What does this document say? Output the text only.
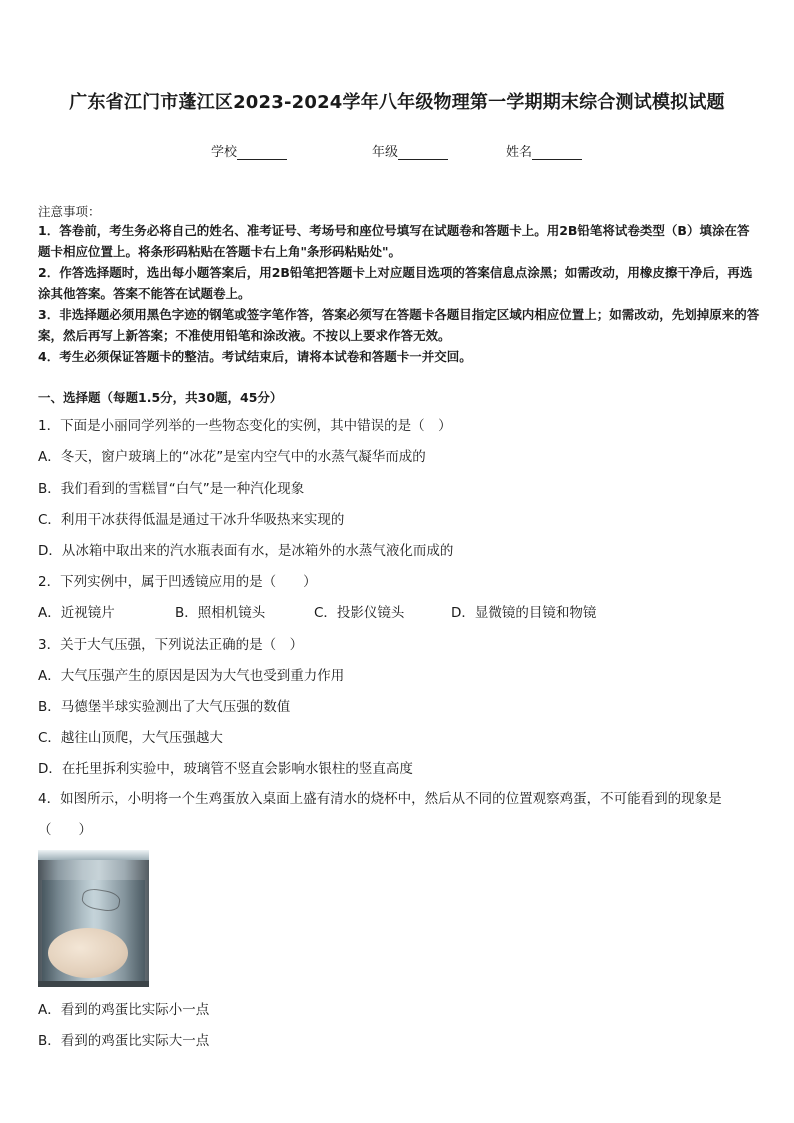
广东省江门市蓬江区2023-2024学年八年级物理第一学期期末综合测试模拟试题
学校	年级	姓名
注意事项：
1．答卷前，考生务必将自己的姓名、准考证号、考场号和座位号填写在试题卷和答题卡上。用2B铅笔将试卷类型（B）填涂在答题卡相应位置上。将条形码粘贴在答题卡右上角"条形码粘贴处"。
2．作答选择题时，选出每小题答案后，用2B铅笔把答题卡上对应题目选项的答案信息点涂黑；如需改动，用橡皮擦干净后，再选涂其他答案。答案不能答在试题卷上。
3．非选择题必须用黑色字迹的钢笔或签字笔作答，答案必须写在答题卡各题目指定区域内相应位置上；如需改动，先划掉原来的答案，然后再写上新答案；不准使用铅笔和涂改液。不按以上要求作答无效。
4．考生必须保证答题卡的整洁。考试结束后，请将本试卷和答题卡一并交回。
一、选择题（每题1.5分，共30题，45分）
1．下面是小丽同学列举的一些物态变化的实例，其中错误的是（　）
A．冬天，窗户玻璃上的“冰花”是室内空气中的水蒸气凝华而成的
B．我们看到的雪糕冒“白气”是一种汽化现象
C．利用干冰获得低温是通过干冰升华吸热来实现的
D．从冰箱中取出来的汽水瓶表面有水，是冰箱外的水蒸气液化而成的
2．下列实例中，属于凹透镜应用的是（　　）
A．近视镜片	B．照相机镜头	C．投影仪镜头	D．显微镜的目镜和物镜
3．关于大气压强，下列说法正确的是（　）
A．大气压强产生的原因是因为大气也受到重力作用
B．马德堡半球实验测出了大气压强的数值
C．越往山顶爬，大气压强越大
D．在托里拆利实验中，玻璃管不竖直会影响水银柱的竖直高度
4．如图所示，小明将一个生鸡蛋放入桌面上盛有清水的烧杯中，然后从不同的位置观察鸡蛋，不可能看到的现象是（　　）
A．看到的鸡蛋比实际小一点
B．看到的鸡蛋比实际大一点
